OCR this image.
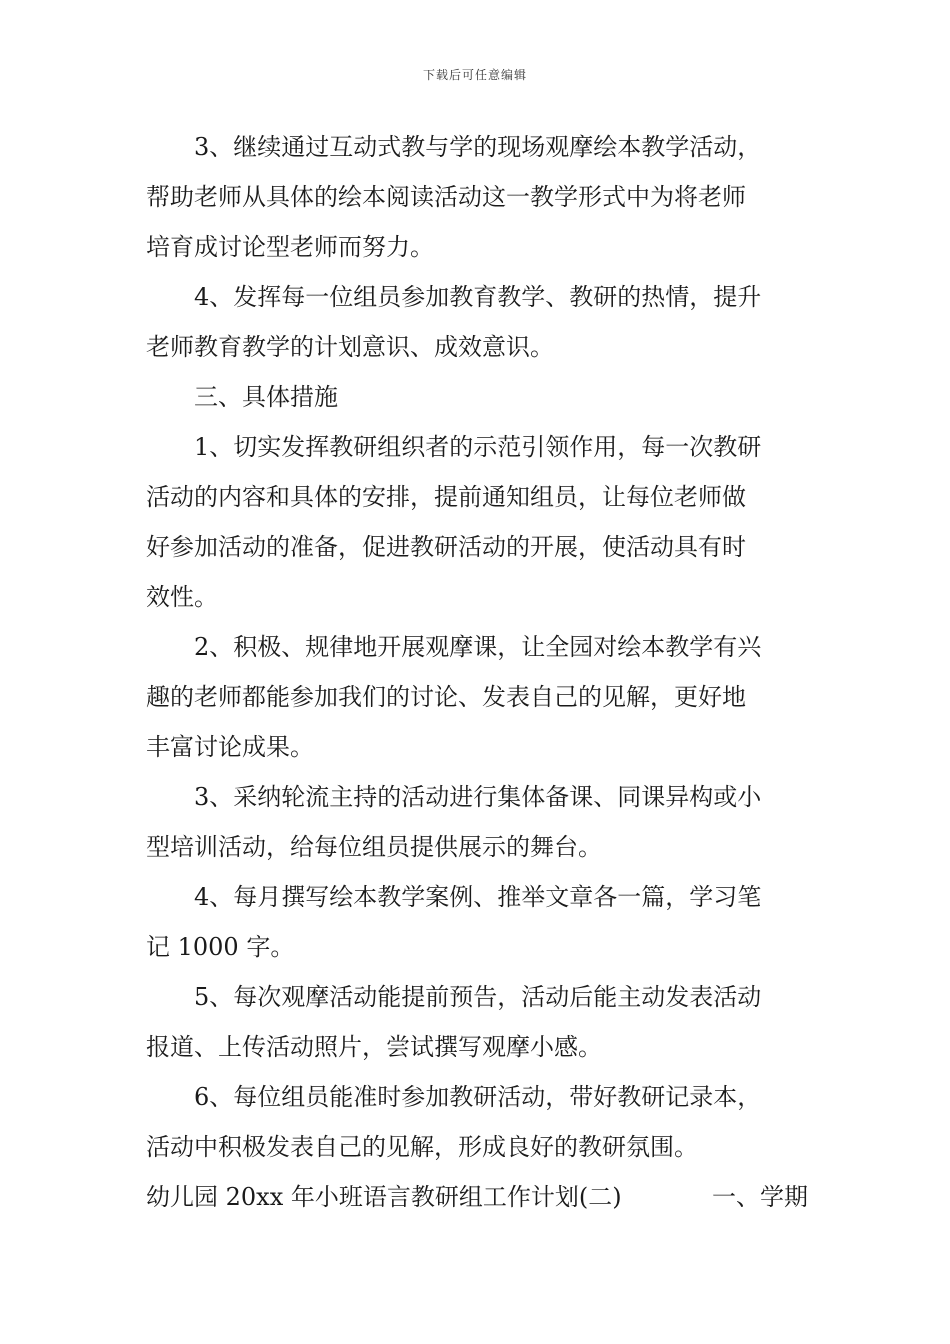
下载后可任意编辑
3、继续通过互动式教与学的现场观摩绘本教学活动，
帮助老师从具体的绘本阅读活动这一教学形式中为将老师
培育成讨论型老师而努力。
4、发挥每一位组员参加教育教学、教研的热情，提升
老师教育教学的计划意识、成效意识。
三、具体措施
1、切实发挥教研组织者的示范引领作用，每一次教研
活动的内容和具体的安排，提前通知组员，让每位老师做
好参加活动的准备，促进教研活动的开展，使活动具有时
效性。
2、积极、规律地开展观摩课，让全园对绘本教学有兴
趣的老师都能参加我们的讨论、发表自己的见解，更好地
丰富讨论成果。
3、采纳轮流主持的活动进行集体备课、同课异构或小
型培训活动，给每位组员提供展示的舞台。
4、每月撰写绘本教学案例、推举文章各一篇，学习笔
记 1000 字。
5、每次观摩活动能提前预告，活动后能主动发表活动
报道、上传活动照片，尝试撰写观摩小感。
6、每位组员能准时参加教研活动，带好教研记录本，
活动中积极发表自己的见解，形成良好的教研氛围。
幼儿园 20xx 年小班语言教研组工作计划(二)	一、学期
